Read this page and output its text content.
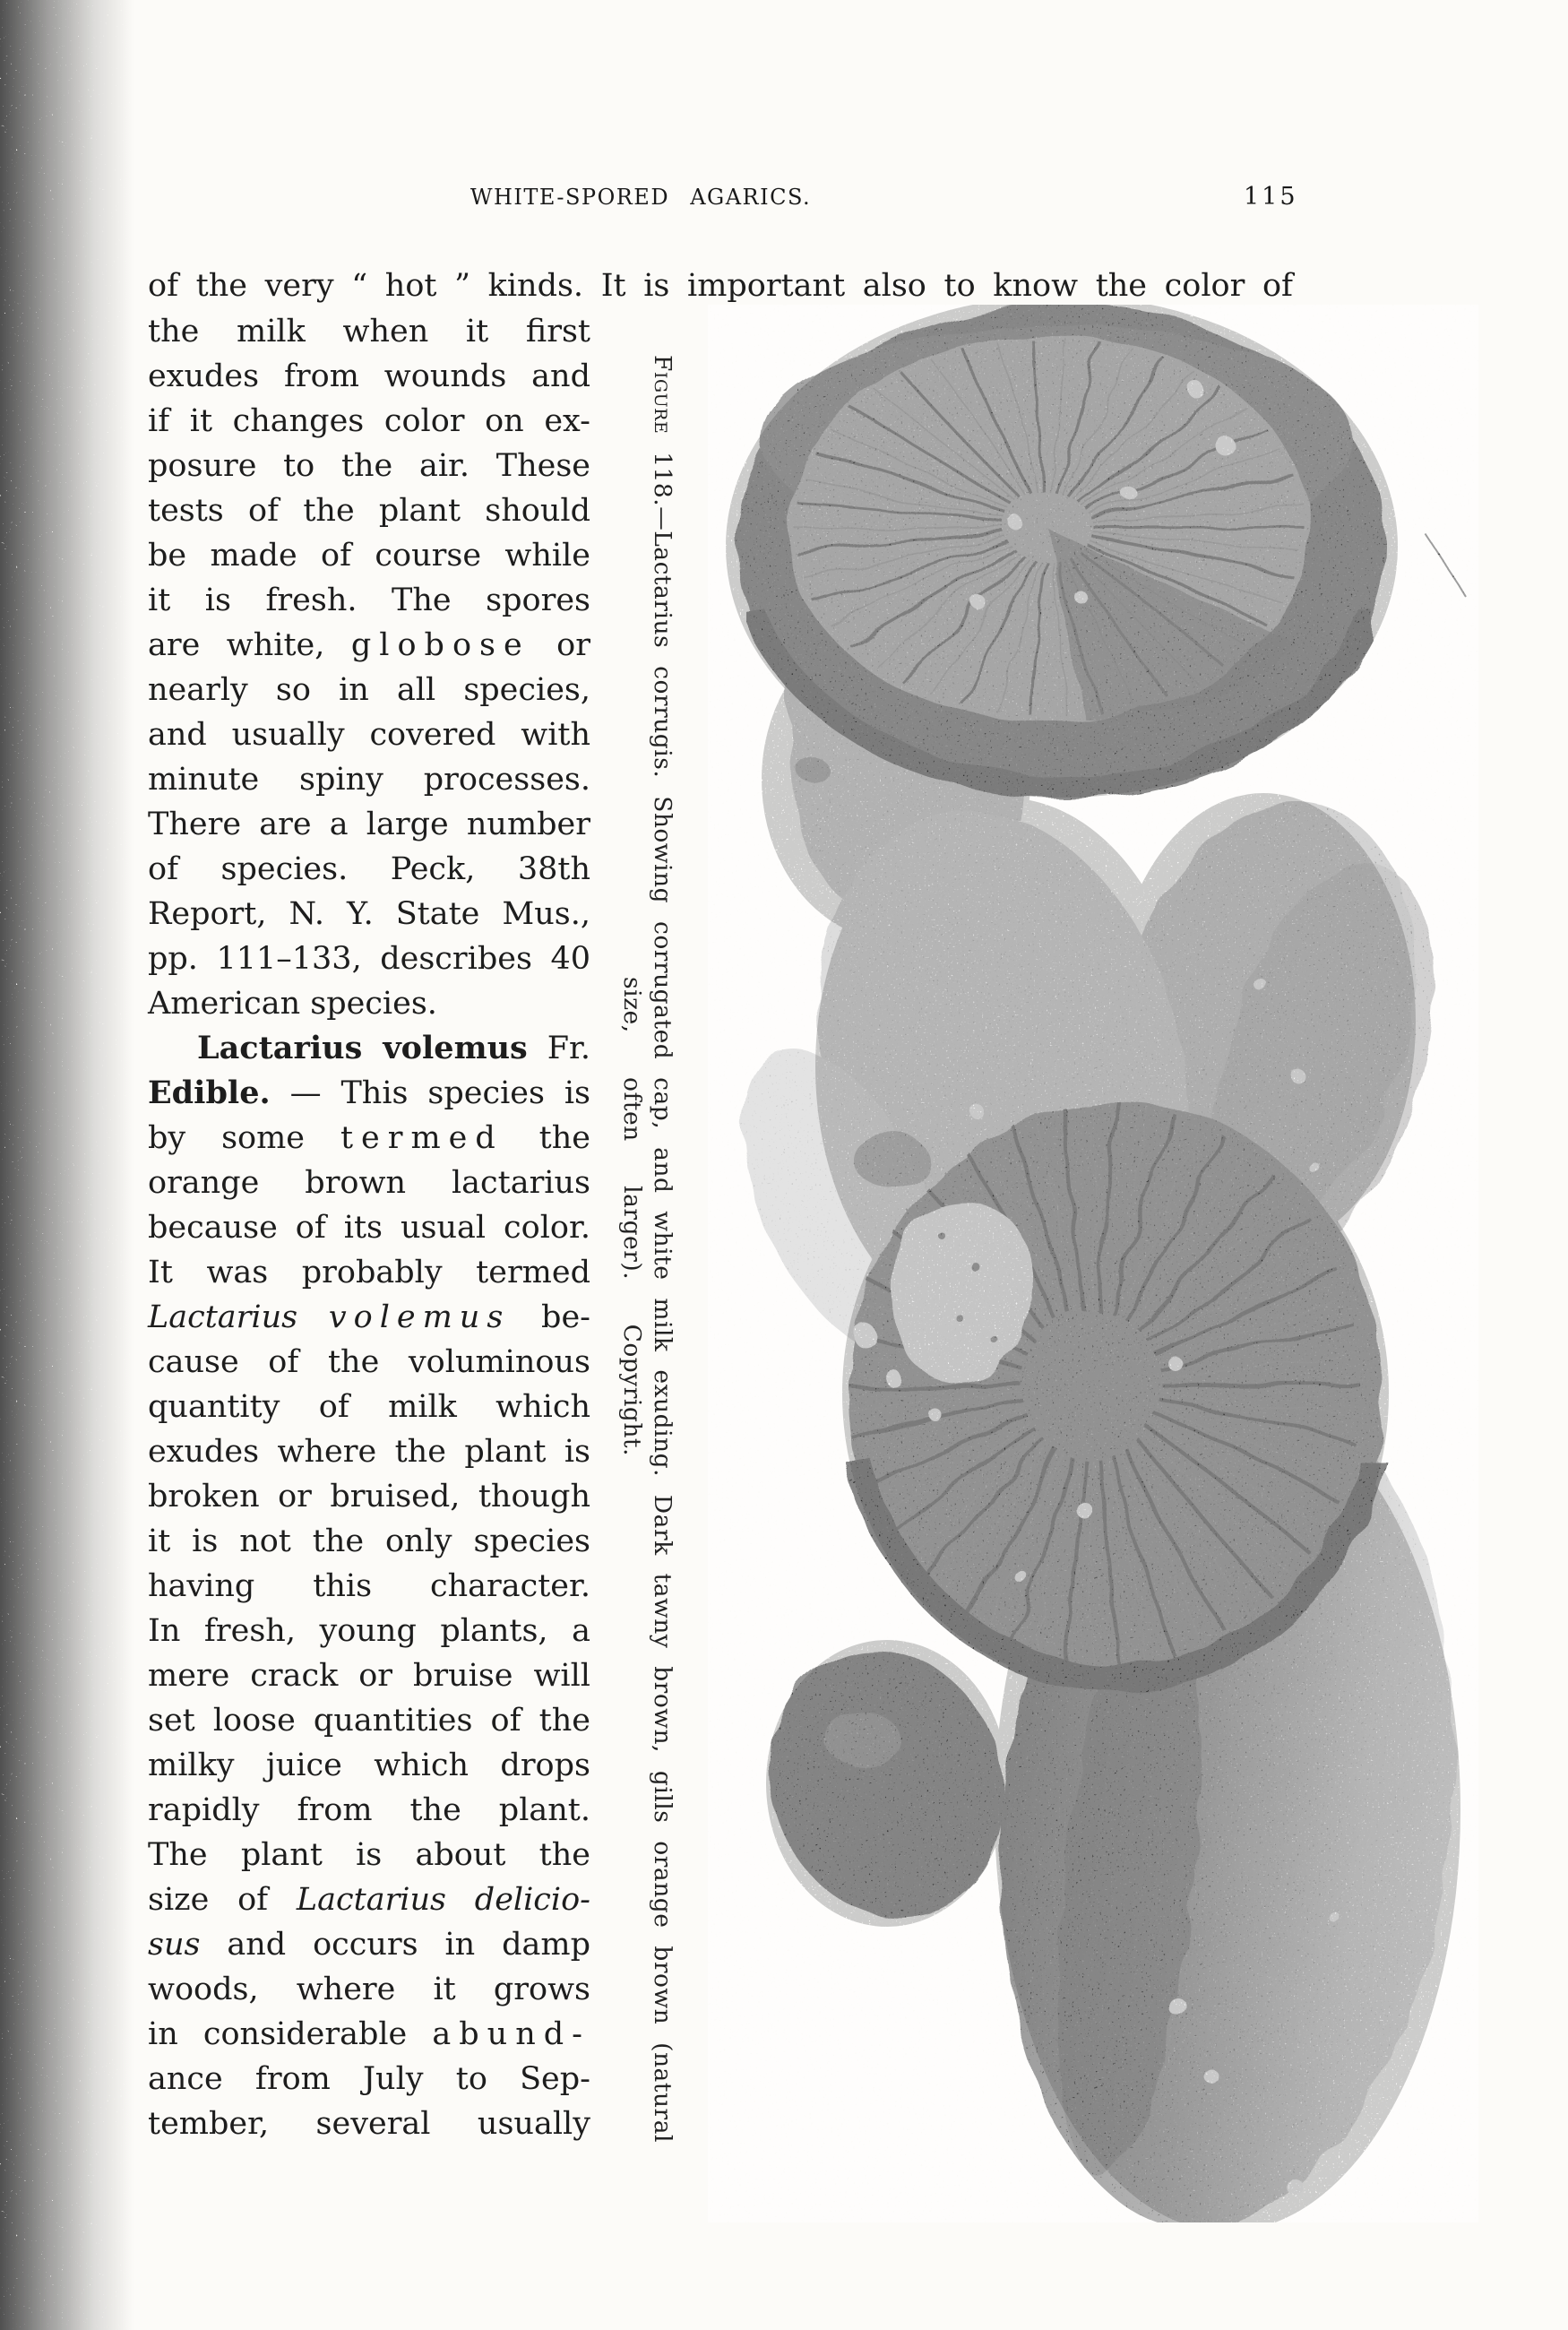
WHITE-SPORED AGARICS.	115
of the very “ hot ” kinds. It is important also to know the color of
the milk when it first
exudes from wounds and
if it changes color on ex-
posure to the air. These
tests of the plant should
be made of course while
it is fresh. The spores
are white, globose or
nearly so in all species,
and usually covered with
minute spiny processes.
There are a large number
of species. Peck, 38th
Report, N. Y. State Mus.,
pp. 111–133, describes 40
American species.
Lactarius volemus Fr.
Edible. — This species is
by some termed the
orange brown lactarius
because of its usual color.
It was probably termed
Lactarius volemus be-
cause of the voluminous
quantity of milk which
exudes where the plant is
broken or bruised, though
it is not the only species
having this character.
In fresh, young plants, a
mere crack or bruise will
set loose quantities of the
milky juice which drops
rapidly from the plant.
The plant is about the
size of Lactarius delicio-
sus and occurs in damp
woods, where it grows
in considerable abund-
ance from July to Sep-
tember, several usually
Figure 118.—Lactarius corrugis. Showing corrugated cap, and white milk exuding. Dark tawny brown, gills orange brown (natural
size, often larger). Copyright.
